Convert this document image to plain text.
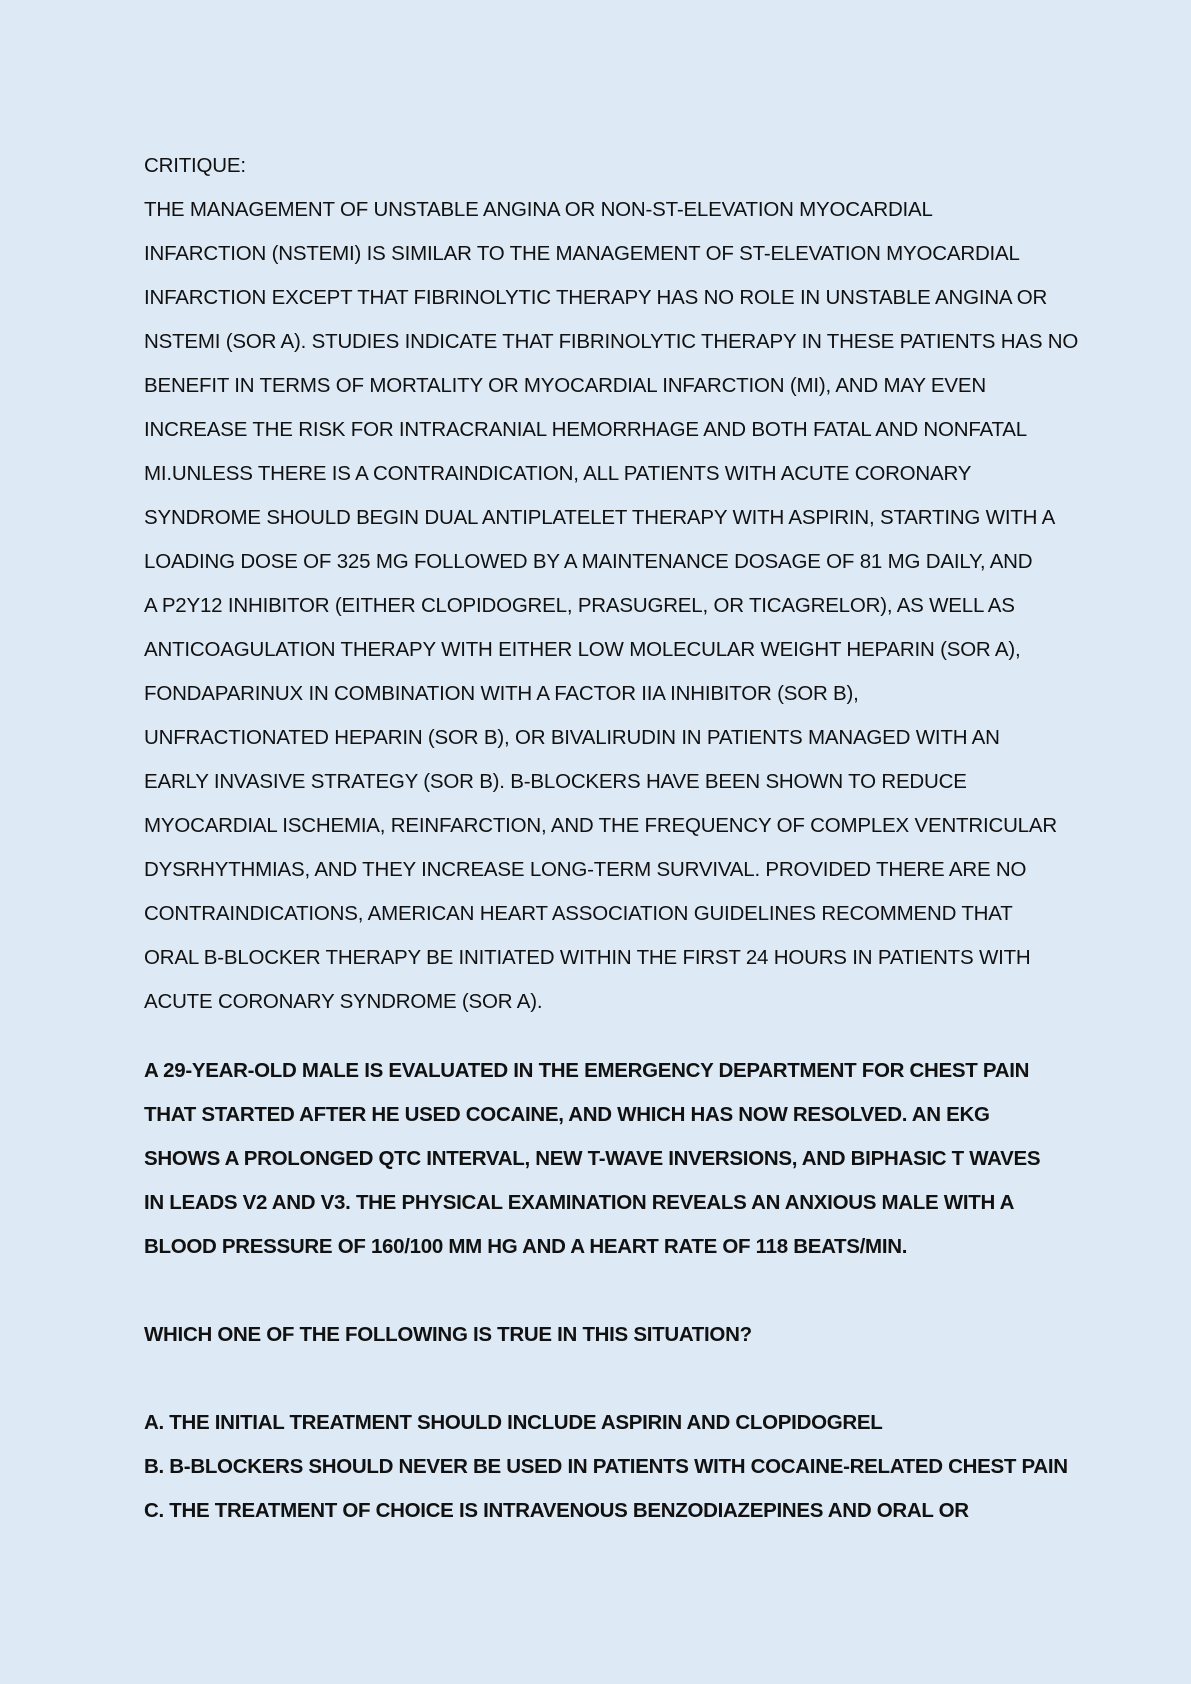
CRITIQUE:
THE MANAGEMENT OF UNSTABLE ANGINA OR NON-ST-ELEVATION MYOCARDIAL
INFARCTION (NSTEMI) IS SIMILAR TO THE MANAGEMENT OF ST-ELEVATION MYOCARDIAL
INFARCTION EXCEPT THAT FIBRINOLYTIC THERAPY HAS NO ROLE IN UNSTABLE ANGINA OR
NSTEMI (SOR A). STUDIES INDICATE THAT FIBRINOLYTIC THERAPY IN THESE PATIENTS HAS NO
BENEFIT IN TERMS OF MORTALITY OR MYOCARDIAL INFARCTION (MI), AND MAY EVEN
INCREASE THE RISK FOR INTRACRANIAL HEMORRHAGE AND BOTH FATAL AND NONFATAL
MI.UNLESS THERE IS A CONTRAINDICATION, ALL PATIENTS WITH ACUTE CORONARY
SYNDROME SHOULD BEGIN DUAL ANTIPLATELET THERAPY WITH ASPIRIN, STARTING WITH A
LOADING DOSE OF 325 MG FOLLOWED BY A MAINTENANCE DOSAGE OF 81 MG DAILY, AND
A P2Y12 INHIBITOR (EITHER CLOPIDOGREL, PRASUGREL, OR TICAGRELOR), AS WELL AS
ANTICOAGULATION THERAPY WITH EITHER LOW MOLECULAR WEIGHT HEPARIN (SOR A),
FONDAPARINUX IN COMBINATION WITH A FACTOR IIA INHIBITOR (SOR B),
UNFRACTIONATED HEPARIN (SOR B), OR BIVALIRUDIN IN PATIENTS MANAGED WITH AN
EARLY INVASIVE STRATEGY (SOR B). B-BLOCKERS HAVE BEEN SHOWN TO REDUCE
MYOCARDIAL ISCHEMIA, REINFARCTION, AND THE FREQUENCY OF COMPLEX VENTRICULAR
DYSRHYTHMIAS, AND THEY INCREASE LONG-TERM SURVIVAL. PROVIDED THERE ARE NO
CONTRAINDICATIONS, AMERICAN HEART ASSOCIATION GUIDELINES RECOMMEND THAT
ORAL B-BLOCKER THERAPY BE INITIATED WITHIN THE FIRST 24 HOURS IN PATIENTS WITH
ACUTE CORONARY SYNDROME (SOR A).
A 29-YEAR-OLD MALE IS EVALUATED IN THE EMERGENCY DEPARTMENT FOR CHEST PAIN
THAT STARTED AFTER HE USED COCAINE, AND WHICH HAS NOW RESOLVED. AN EKG
SHOWS A PROLONGED QTC INTERVAL, NEW T-WAVE INVERSIONS, AND BIPHASIC T WAVES
IN LEADS V2 AND V3. THE PHYSICAL EXAMINATION REVEALS AN ANXIOUS MALE WITH A
BLOOD PRESSURE OF 160/100 MM HG AND A HEART RATE OF 118 BEATS/MIN.
WHICH ONE OF THE FOLLOWING IS TRUE IN THIS SITUATION?
A. THE INITIAL TREATMENT SHOULD INCLUDE ASPIRIN AND CLOPIDOGREL
B. B-BLOCKERS SHOULD NEVER BE USED IN PATIENTS WITH COCAINE-RELATED CHEST PAIN
C. THE TREATMENT OF CHOICE IS INTRAVENOUS BENZODIAZEPINES AND ORAL OR
